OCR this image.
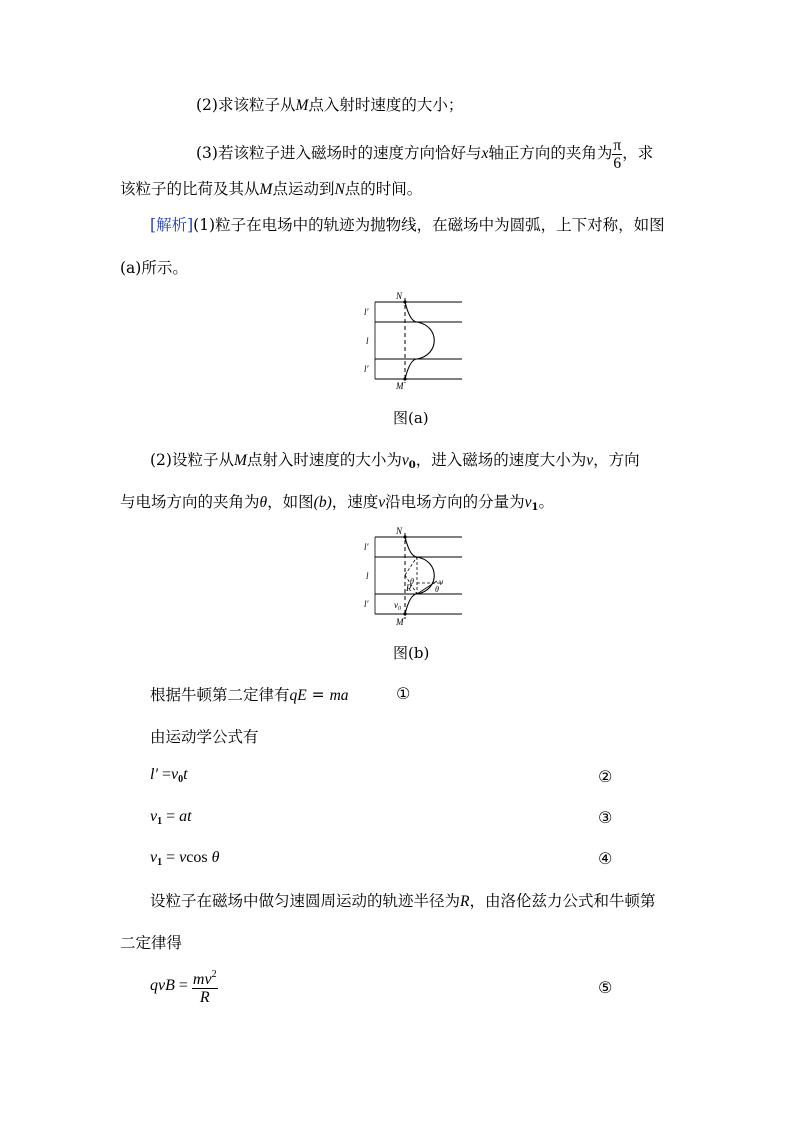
(2)求该粒子从M点入射时速度的大小；
(3)若该粒子进入磁场时的速度方向恰好与x轴正方向的夹角为 $\frac{\pi}{6}$ ，求
该粒子的比荷及其从M点运动到N点的时间。
[解析](1)粒子在电场中的轨迹为抛物线，在磁场中为圆弧，上下对称，如图
(a)所示。
N
M
l′
l
l′
图(a)
(2)设粒子从M点射入时速度的大小为$v_0$，进入磁场的速度大小为v，方向
与电场方向的夹角为θ，如图(b)，速度v沿电场方向的分量为$v_1$。
N
M
l′
l
l′
R
θ
θ
v
$v_0$
图(b)
根据牛顿第二定律有qE = ma	①
由运动学公式有
$l' =v_0t$	②
$v_1$ = at	③
$v_1 = vcos$ θ	④
设粒子在磁场中做匀速圆周运动的轨迹半径为R，由洛伦兹力公式和牛顿第
二定律得
qvB = $\frac{mv^2}{R}$	⑤
